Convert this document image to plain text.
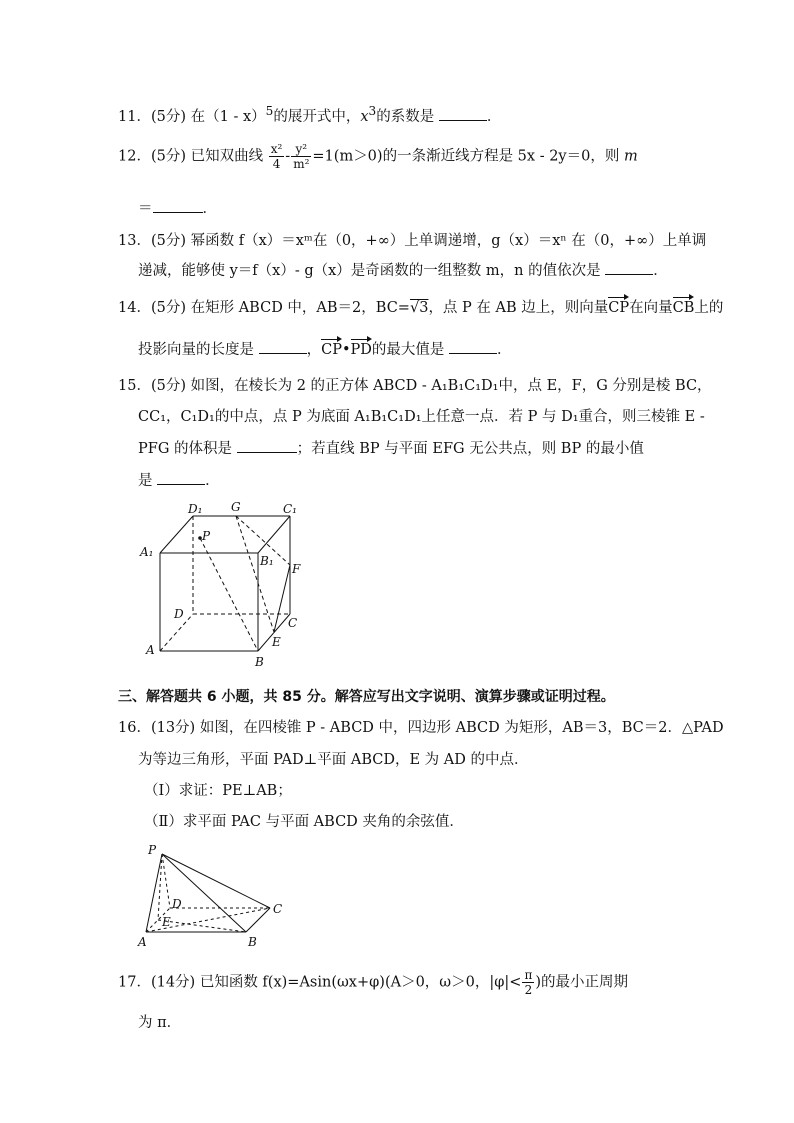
11．(5分) 在（1 - x）$^5$的展开式中，$x^3$的系数是	．
12．(5分) 已知双曲线 $\frac{\text{x²}}{4} - \frac{\text{y²}}{\text{m²}} =1(m>0)$的一条渐近线方程是 5x - 2y＝0，则 m
＝	．
13．(5分) 幂函数 f（x）＝xᵐ在（0，+∞）上单调递增，g（x）＝xⁿ 在（0，+∞）上单调
递减，能够使 y＝f（x）- g（x）是奇函数的一组整数 m，n 的值依次是	．
14．(5分) 在矩形 ABCD 中，AB＝2，BC=√3，点 P 在 AB 边上，则向量CP在向量CB上的
投影向量的长度是	，CP•PD的最大值是	．
15．(5分) 如图，在棱长为 2 的正方体 ABCD - A₁B₁C₁D₁中，点 E，F，G 分别是棱 BC，
CC₁，C₁D₁的中点，点 P 为底面 A₁B₁C₁D₁上任意一点．若 P 与 D₁重合，则三棱锥 E -
PFG 的体积是	；若直线 BP 与平面 EFG 无公共点，则 BP 的最小值
是	．
D₁ G	C₁
A₁
P
B₁
F
D
C
A
E
B
三、解答题共 6 小题，共 85 分。解答应写出文字说明、演算步骤或证明过程。
16．(13分) 如图，在四棱锥 P - ABCD 中，四边形 ABCD 为矩形，AB＝3，BC＝2．△PAD
为等边三角形，平面 PAD⊥平面 ABCD，E 为 AD 的中点．
（Ⅰ）求证：PE⊥AB；
（Ⅱ）求平面 PAC 与平面 ABCD 夹角的余弦值．
P
D	C
E
A	B
17．(14分) 已知函数 f(x)=Asin(ωx+φ)(A＞0，ω＞0，$|\varphi|< \frac{\pi}{2}$ )的最小正周期
为 π．
